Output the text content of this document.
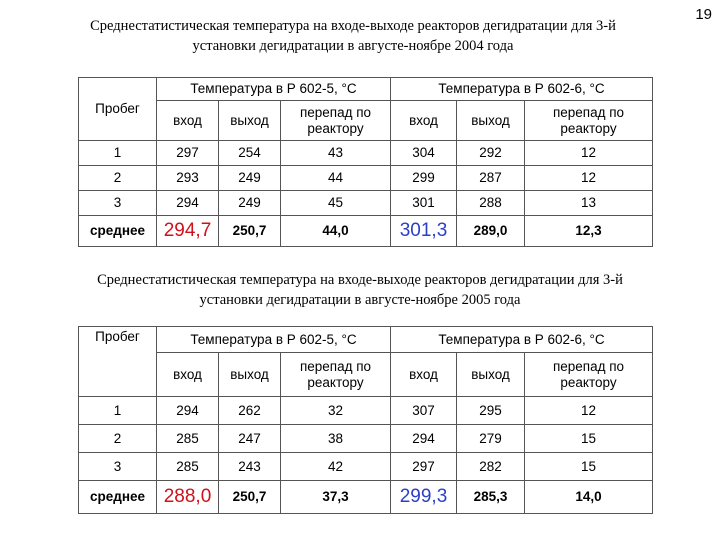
19
Среднестатистическая температура на входе-выходе реакторов дегидратации для 3-й
установки дегидратации в августе-ноябре 2004 года
Пробег	Температура в Р 602-5, °С			Температура в Р 602-6, °С		
	вход	выход	перепад по реактору	вход	выход	перепад по реактору
1	297	254	43	304	292	12
2	293	249	44	299	287	12
3	294	249	45	301	288	13
среднее	294,7	250,7	44,0	301,3	289,0	12,3
Среднестатистическая температура на входе-выходе реакторов дегидратации для 3-й
установки дегидратации в августе-ноябре 2005 года
Пробег	Температура в Р 602-5, °С			Температура в Р 602-6, °С		
	вход	выход	перепад по реактору	вход	выход	перепад по реактору
1	294	262	32	307	295	12
2	285	247	38	294	279	15
3	285	243	42	297	282	15
среднее	288,0	250,7	37,3	299,3	285,3	14,0
